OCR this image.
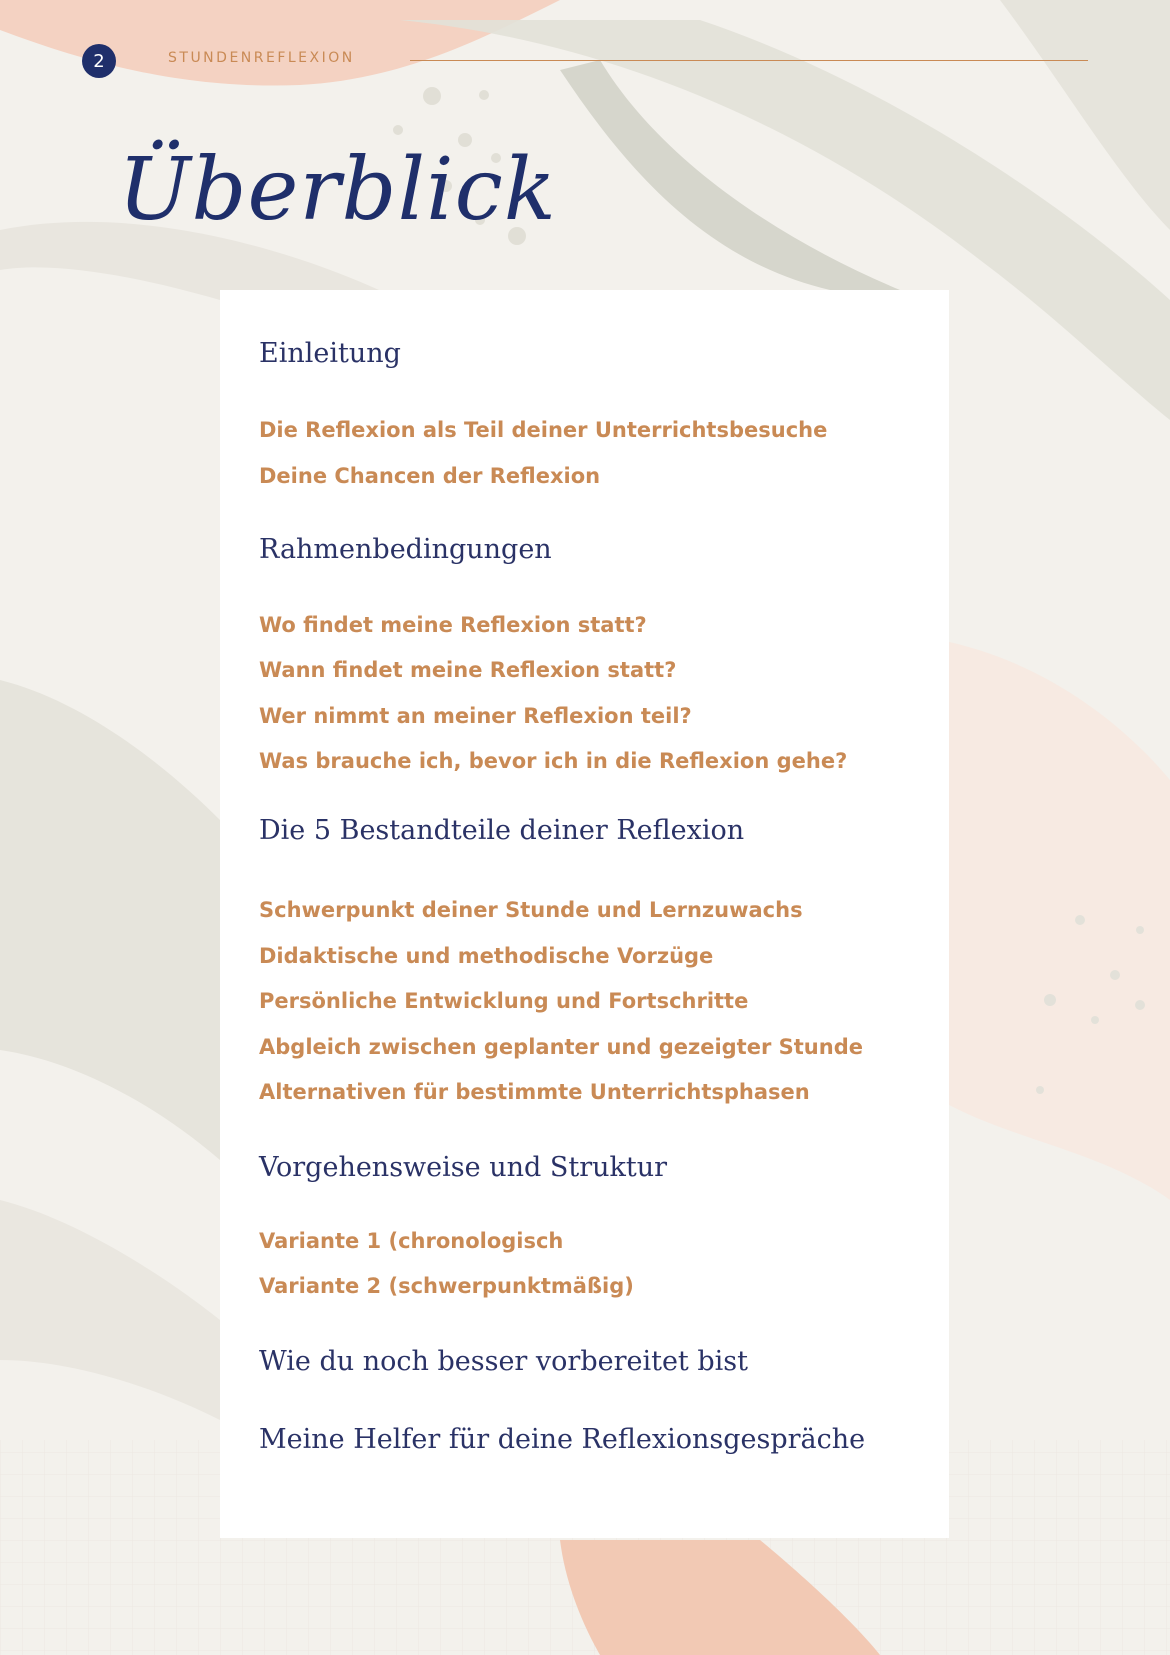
2	STUNDENREFLEXION
Überblick
Einleitung

Die Reflexion als Teil deiner Unterrichtsbesuche

Deine Chancen der Reflexion

Rahmenbedingungen

Wo findet meine Reflexion statt?

Wann findet meine Reflexion statt?

Wer nimmt an meiner Reflexion teil?

Was brauche ich, bevor ich in die Reflexion gehe?

Die 5 Bestandteile deiner Reflexion

Schwerpunkt deiner Stunde und Lernzuwachs

Didaktische und methodische Vorzüge

Persönliche Entwicklung und Fortschritte

Abgleich zwischen geplanter und gezeigter Stunde

Alternativen für bestimmte Unterrichtsphasen

Vorgehensweise und Struktur

Variante 1 (chronologisch

Variante 2 (schwerpunktmäßig)

Wie du noch besser vorbereitet bist
Meine Helfer für deine Reflexionsgespräche
